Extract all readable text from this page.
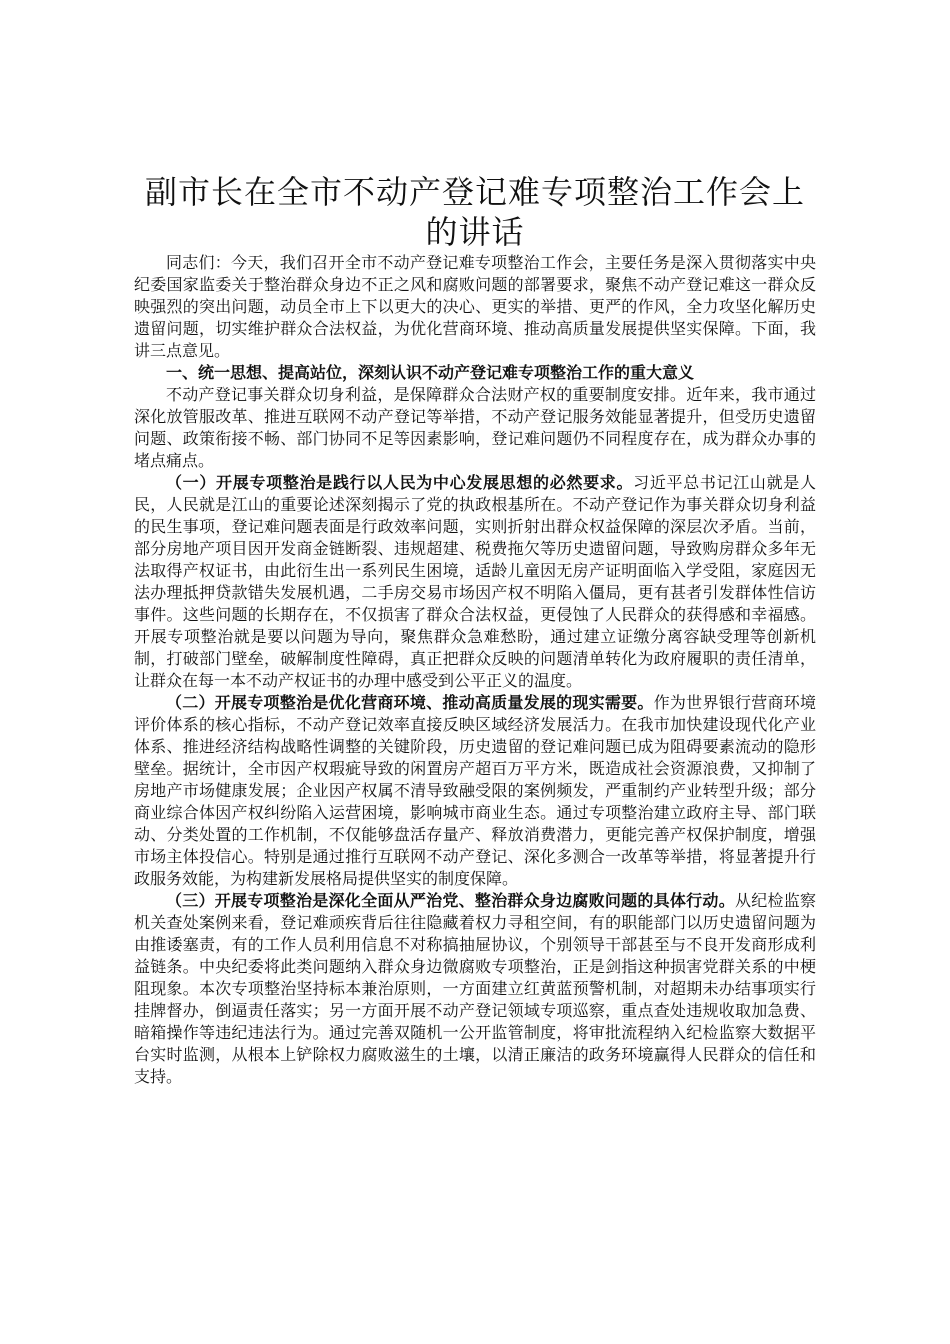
副市长在全市不动产登记难专项整治工作会上的讲话

同志们：今天，我们召开全市不动产登记难专项整治工作会，主要任务是深入贯彻落实中央纪委国家监委关于整治群众身边不正之风和腐败问题的部署要求，聚焦不动产登记难这一群众反映强烈的突出问题，动员全市上下以更大的决心、更实的举措、更严的作风，全力攻坚化解历史遗留问题，切实维护群众合法权益，为优化营商环境、推动高质量发展提供坚实保障。下面，我讲三点意见。

一、统一思想、提高站位，深刻认识不动产登记难专项整治工作的重大意义

不动产登记事关群众切身利益，是保障群众合法财产权的重要制度安排。近年来，我市通过深化放管服改革、推进互联网不动产登记等举措，不动产登记服务效能显著提升，但受历史遗留问题、政策衔接不畅、部门协同不足等因素影响，登记难问题仍不同程度存在，成为群众办事的堵点痛点。

（一）开展专项整治是践行以人民为中心发展思想的必然要求。习近平总书记江山就是人民，人民就是江山的重要论述深刻揭示了党的执政根基所在。不动产登记作为事关群众切身利益的民生事项，登记难问题表面是行政效率问题，实则折射出群众权益保障的深层次矛盾。当前，部分房地产项目因开发商金链断裂、违规超建、税费拖欠等历史遗留问题，导致购房群众多年无法取得产权证书，由此衍生出一系列民生困境，适龄儿童因无房产证明面临入学受阻，家庭因无法办理抵押贷款错失发展机遇，二手房交易市场因产权不明陷入僵局，更有甚者引发群体性信访事件。这些问题的长期存在，不仅损害了群众合法权益，更侵蚀了人民群众的获得感和幸福感。开展专项整治就是要以问题为导向，聚焦群众急难愁盼，通过建立证缴分离容缺受理等创新机制，打破部门壁垒，破解制度性障碍，真正把群众反映的问题清单转化为政府履职的责任清单，让群众在每一本不动产权证书的办理中感受到公平正义的温度。

（二）开展专项整治是优化营商环境、推动高质量发展的现实需要。作为世界银行营商环境评价体系的核心指标，不动产登记效率直接反映区域经济发展活力。在我市加快建设现代化产业体系、推进经济结构战略性调整的关键阶段，历史遗留的登记难问题已成为阻碍要素流动的隐形壁垒。据统计，全市因产权瑕疵导致的闲置房产超百万平方米，既造成社会资源浪费，又抑制了房地产市场健康发展；企业因产权属不清导致融受限的案例频发，严重制约产业转型升级；部分商业综合体因产权纠纷陷入运营困境，影响城市商业生态。通过专项整治建立政府主导、部门联动、分类处置的工作机制，不仅能够盘活存量产、释放消费潜力，更能完善产权保护制度，增强市场主体投信心。特别是通过推行互联网不动产登记、深化多测合一改革等举措，将显著提升行政服务效能，为构建新发展格局提供坚实的制度保障。

（三）开展专项整治是深化全面从严治党、整治群众身边腐败问题的具体行动。从纪检监察机关查处案例来看，登记难顽疾背后往往隐藏着权力寻租空间，有的职能部门以历史遗留问题为由推诿塞责，有的工作人员利用信息不对称搞抽屉协议，个别领导干部甚至与不良开发商形成利益链条。中央纪委将此类问题纳入群众身边微腐败专项整治，正是剑指这种损害党群关系的中梗阻现象。本次专项整治坚持标本兼治原则，一方面建立红黄蓝预警机制，对超期未办结事项实行挂牌督办，倒逼责任落实；另一方面开展不动产登记领域专项巡察，重点查处违规收取加急费、暗箱操作等违纪违法行为。通过完善双随机一公开监管制度，将审批流程纳入纪检监察大数据平台实时监测，从根本上铲除权力腐败滋生的土壤，以清正廉洁的政务环境赢得人民群众的信任和支持。
